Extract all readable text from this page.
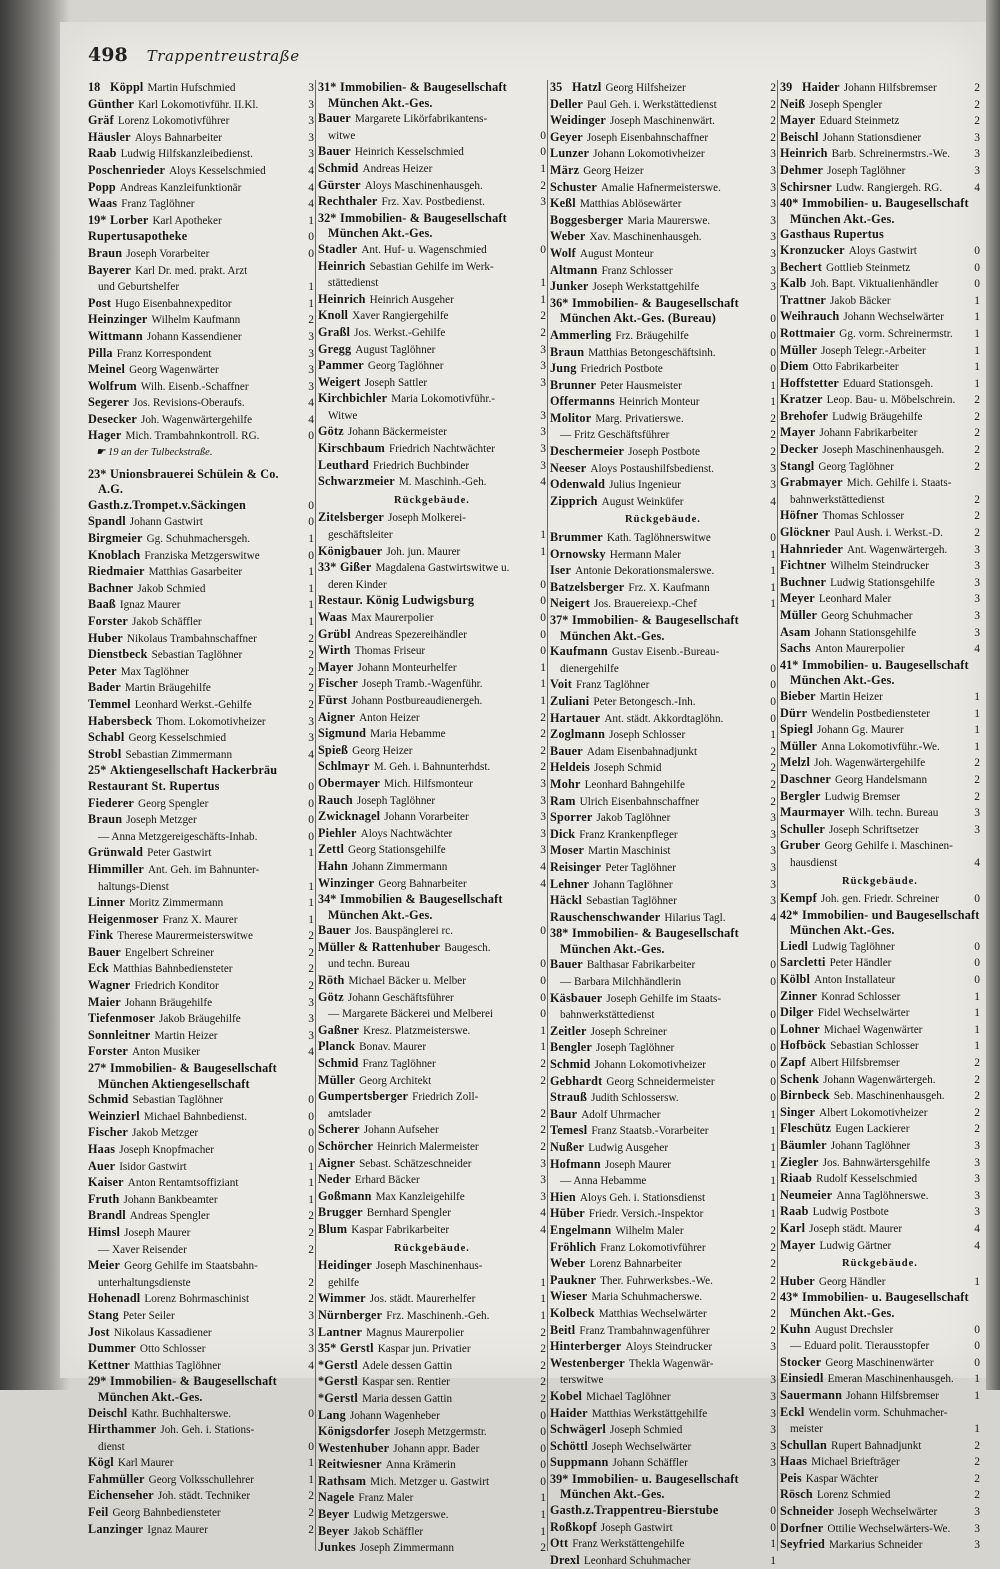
498 Trappentreustraße
18 Köppl Martin Hufschmied	3
Günther Karl Lokomotivführ. II.Kl.	3
Gräf Lorenz Lokomotivführer	3
Häusler Aloys Bahnarbeiter	3
Raab Ludwig Hilfskanzleibedienst.	3
Poschenrieder Aloys Kesselschmied	4
Popp Andreas Kanzleifunktionär	4
Waas Franz Taglöhner	4
19* Lorber Karl Apotheker	1
Rupertusapotheke	0
Braun Joseph Vorarbeiter	0
Bayerer Karl Dr. med. prakt. Arzt
und Geburtshelfer	1
Post Hugo Eisenbahnexpeditor	1
Heinzinger Wilhelm Kaufmann	2
Wittmann Johann Kassendiener	3
Pilla Franz Korrespondent	3
Meinel Georg Wagenwärter	3
Wolfrum Wilh. Eisenb.-Schaffner	3
Segerer Jos. Revisions-Oberaufs.	4
Desecker Joh. Wagenwärtergehilfe	4
Hager Mich. Trambahnkontroll. RG.	0
☛ 19 an der Tulbeckstraße.
23* Unionsbrauerei Schülein & Co.
A.G.
Gasth.z.Trompet.v.Säckingen	0
Spandl Johann Gastwirt	0
Birgmeier Gg. Schuhmachersgeh.	1
Knoblach Franziska Metzgerswitwe	0
Riedmaier Matthias Gasarbeiter	1
Bachner Jakob Schmied	1
Baaß Ignaz Maurer	1
Forster Jakob Schäffler	1
Huber Nikolaus Trambahnschaffner	2
Dienstbeck Sebastian Taglöhner	2
Peter Max Taglöhner	2
Bader Martin Bräugehilfe	2
Temmel Leonhard Werkst.-Gehilfe	2
Habersbeck Thom. Lokomotivheizer	3
Schabl Georg Kesselschmied	3
Strobl Sebastian Zimmermann	4
25* Aktiengesellschaft Hackerbräu
Restaurant St. Rupertus	0
Fiederer Georg Spengler	0
Braun Joseph Metzger	0
— Anna Metzgereigeschäfts-Inhab.	0
Grünwald Peter Gastwirt	1
Himmiller Ant. Geh. im Bahnunter-
haltungs-Dienst	1
Linner Moritz Zimmermann	1
Heigenmoser Franz X. Maurer	1
Fink Therese Maurermeisterswitwe	2
Bauer Engelbert Schreiner	2
Eck Matthias Bahnbediensteter	2
Wagner Friedrich Konditor	2
Maier Johann Bräugehilfe	3
Tiefenmoser Jakob Bräugehilfe	3
Sonnleitner Martin Heizer	3
Forster Anton Musiker	4
27* Immobilien- & Baugesellschaft
München Aktiengesellschaft
Schmid Sebastian Taglöhner	0
Weinzierl Michael Bahnbedienst.	0
Fischer Jakob Metzger	0
Haas Joseph Knopfmacher	0
Auer Isidor Gastwirt	1
Kaiser Anton Rentamtsoffiziant	1
Fruth Johann Bankbeamter	1
Brandl Andreas Spengler	2
Himsl Joseph Maurer	2
— Xaver Reisender	2
Meier Georg Gehilfe im Staatsbahn-
unterhaltungsdienste	2
Hohenadl Lorenz Bohrmaschinist	2
Stang Peter Seiler	3
Jost Nikolaus Kassadiener	3
Dummer Otto Schlosser	3
Kettner Matthias Taglöhner	4
29* Immobilien- & Baugesellschaft
München Akt.-Ges.
Deischl Kathr. Buchhalterswe.	0
Hirthammer Joh. Geh. i. Stations-
dienst	0
Kögl Karl Maurer	1
Fahmüller Georg Volksschullehrer	1
Eichenseher Joh. städt. Techniker	2
Feil Georg Bahnbediensteter	2
Lanzinger Ignaz Maurer	2
31* Immobilien- & Baugesellschaft
München Akt.-Ges.
Bauer Margarete Likörfabrikantens-
witwe	0
Bauer Heinrich Kesselschmied	0
Schmid Andreas Heizer	1
Gürster Aloys Maschinenhausgeh.	2
Rechthaler Frz. Xav. Postbedienst.	3
32* Immobilien- & Baugesellschaft
München Akt.-Ges.
Stadler Ant. Huf- u. Wagenschmied	0
Heinrich Sebastian Gehilfe im Werk-
stättedienst	1
Heinrich Heinrich Ausgeher	1
Knoll Xaver Rangiergehilfe	2
Graßl Jos. Werkst.-Gehilfe	2
Gregg August Taglöhner	3
Pammer Georg Taglöhner	3
Weigert Joseph Sattler	3
Kirchbichler Maria Lokomotivführ.-
Witwe	3
Götz Johann Bäckermeister	3
Kirschbaum Friedrich Nachtwächter	3
Leuthard Friedrich Buchbinder	3
Schwarzmeier M. Maschinh.-Geh.	4
Rückgebäude.
Zitelsberger Joseph Molkerei-
geschäftsleiter	1
Königbauer Joh. jun. Maurer	1
33* Gißer Magdalena Gastwirtswitwe u.
deren Kinder	0
Restaur. König Ludwigsburg	0
Waas Max Maurerpolier	0
Grübl Andreas Spezereihändler	0
Wirth Thomas Friseur	0
Mayer Johann Monteurhelfer	1
Fischer Joseph Tramb.-Wagenführ.	1
Fürst Johann Postbureaudienergeh.	1
Aigner Anton Heizer	2
Sigmund Maria Hebamme	2
Spieß Georg Heizer	2
Schlmayr M. Geh. i. Bahnunterhdst.	2
Obermayer Mich. Hilfsmonteur	3
Rauch Joseph Taglöhner	3
Zwicknagel Johann Vorarbeiter	3
Piehler Aloys Nachtwächter	3
Zettl Georg Stationsgehilfe	3
Hahn Johann Zimmermann	4
Winzinger Georg Bahnarbeiter	4
34* Immobilien & Baugesellschaft
München Akt.-Ges.
Bauer Jos. Bauspänglerei rc.	0
Müller & Rattenhuber Baugesch.
und techn. Bureau	0
Röth Michael Bäcker u. Melber	0
Götz Johann Geschäftsführer	0
— Margarete Bäckerei und Melberei	0
Gaßner Kresz. Platzmeisterswe.	1
Planck Bonav. Maurer	1
Schmid Franz Taglöhner	2
Müller Georg Architekt	2
Gumpertsberger Friedrich Zoll-
amtslader	2
Scherer Johann Aufseher	2
Schörcher Heinrich Malermeister	2
Aigner Sebast. Schätzeschneider	3
Neder Erhard Bäcker	3
Goßmann Max Kanzleigehilfe	3
Brugger Bernhard Spengler	4
Blum Kaspar Fabrikarbeiter	4
Rückgebäude.
Heidinger Joseph Maschinenhaus-
gehilfe	1
Wimmer Jos. städt. Maurerhelfer	1
Nürnberger Frz. Maschinenh.-Geh.	1
Lantner Magnus Maurerpolier	2
35* Gerstl Kaspar jun. Privatier	2
*Gerstl Adele dessen Gattin	2
*Gerstl Kaspar sen. Rentier	2
*Gerstl Maria dessen Gattin	2
Lang Johann Wagenheber	0
Königsdorfer Joseph Metzgermstr.	0
Westenhuber Johann appr. Bader	0
Reitwiesner Anna Krämerin	0
Rathsam Mich. Metzger u. Gastwirt	0
Nagele Franz Maler	1
Beyer Ludwig Metzgerswe.	1
Beyer Jakob Schäffler	1
Junkes Joseph Zimmermann	2
35 Hatzl Georg Hilfsheizer	2
Deller Paul Geh. i. Werkstättedienst	2
Weidinger Joseph Maschinenwärt.	2
Geyer Joseph Eisenbahnschaffner	2
Lunzer Johann Lokomotivheizer	3
März Georg Heizer	3
Schuster Amalie Hafnermeisterswe.	3
Keßl Matthias Ablösewärter	3
Boggesberger Maria Maurerswe.	3
Weber Xav. Maschinenhausgeh.	3
Wolf August Monteur	3
Altmann Franz Schlosser	3
Junker Joseph Werkstattgehilfe	3
36* Immobilien- & Baugesellschaft
München Akt.-Ges. (Bureau)	0
Ammerling Frz. Bräugehilfe	0
Braun Matthias Betongeschäftsinh.	0
Jung Friedrich Postbote	0
Brunner Peter Hausmeister	1
Offermanns Heinrich Monteur	1
Molitor Marg. Privatierswe.	2
— Fritz Geschäftsführer	2
Deschermeier Joseph Postbote	2
Neeser Aloys Postaushilfsbedienst.	3
Odenwald Julius Ingenieur	3
Zipprich August Weinküfer	4
Rückgebäude.
Brummer Kath. Taglöhnerswitwe	0
Ornowsky Hermann Maler	1
Iser Antonie Dekorationsmalerswe.	1
Batzelsberger Frz. X. Kaufmann	1
Neigert Jos. Brauereiexp.-Chef	1
37* Immobilien- & Baugesellschaft
München Akt.-Ges.
Kaufmann Gustav Eisenb.-Bureau-
dienergehilfe	0
Voit Franz Taglöhner	0
Zuliani Peter Betongesch.-Inh.	0
Hartauer Ant. städt. Akkordtaglöhn.	0
Zoglmann Joseph Schlosser	1
Bauer Adam Eisenbahnadjunkt	2
Heldeis Joseph Schmid	2
Mohr Leonhard Bahngehilfe	2
Ram Ulrich Eisenbahnschaffner	2
Sporrer Jakob Taglöhner	3
Dick Franz Krankenpfleger	3
Moser Martin Maschinist	3
Reisinger Peter Taglöhner	3
Lehner Johann Taglöhner	3
Häckl Sebastian Taglöhner	3
Rauschenschwander Hilarius Tagl.	4
38* Immobilien- & Baugesellschaft
München Akt.-Ges.
Bauer Balthasar Fabrikarbeiter	0
— Barbara Milchhändlerin	0
Käsbauer Joseph Gehilfe im Staats-
bahnwerkstättedienst	0
Zeitler Joseph Schreiner	0
Bengler Joseph Taglöhner	0
Schmid Johann Lokomotivheizer	0
Gebhardt Georg Schneidermeister	0
Strauß Judith Schlossersw.	0
Baur Adolf Uhrmacher	1
Temesl Franz Staatsb.-Vorarbeiter	1
Nußer Ludwig Ausgeher	1
Hofmann Joseph Maurer	1
— Anna Hebamme	1
Hien Aloys Geh. i. Stationsdienst	1
Hüber Friedr. Versich.-Inspektor	1
Engelmann Wilhelm Maler	2
Fröhlich Franz Lokomotivführer	2
Weber Lorenz Bahnarbeiter	2
Paukner Ther. Fuhrwerksbes.-We.	2
Wieser Maria Schuhmacherswe.	2
Kolbeck Matthias Wechselwärter	2
Beitl Franz Trambahnwagenführer	2
Hinterberger Aloys Steindrucker	3
Westenberger Thekla Wagenwär-
terswitwe	3
Kobel Michael Taglöhner	3
Haider Matthias Werkstättgehilfe	3
Schwägerl Joseph Schmied	3
Schöttl Joseph Wechselwärter	3
Suppmann Johann Schäffler	3
39* Immobilien- u. Baugesellschaft
München Akt.-Ges.
Gasth.z.Trappentreu-Bierstube	0
Roßkopf Joseph Gastwirt	0
Ott Franz Werkstättengehilfe	1
Drexl Leonhard Schuhmacher	1
39 Haider Johann Hilfsbremser	2
Neiß Joseph Spengler	2
Mayer Eduard Steinmetz	2
Beischl Johann Stationsdiener	3
Heinrich Barb. Schreinermstrs.-We.	3
Dehmer Joseph Taglöhner	3
Schirsner Ludw. Rangiergeh. RG.	4
40* Immobilien- u. Baugesellschaft
München Akt.-Ges.
Gasthaus Rupertus
Kronzucker Aloys Gastwirt	0
Bechert Gottlieb Steinmetz	0
Kalb Joh. Bapt. Viktualienhändler	0
Trattner Jakob Bäcker	1
Weihrauch Johann Wechselwärter	1
Rottmaier Gg. vorm. Schreinermstr.	1
Müller Joseph Telegr.-Arbeiter	1
Diem Otto Fabrikarbeiter	1
Hoffstetter Eduard Stationsgeh.	1
Kratzer Leop. Bau- u. Möbelschrein.	2
Brehofer Ludwig Bräugehilfe	2
Mayer Johann Fabrikarbeiter	2
Decker Joseph Maschinenhausgeh.	2
Stangl Georg Taglöhner	2
Grabmayer Mich. Gehilfe i. Staats-
bahnwerkstättedienst	2
Höfner Thomas Schlosser	2
Glöckner Paul Aush. i. Werkst.-D.	2
Hahnrieder Ant. Wagenwärtergeh.	3
Fichtner Wilhelm Steindrucker	3
Buchner Ludwig Stationsgehilfe	3
Meyer Leonhard Maler	3
Müller Georg Schuhmacher	3
Asam Johann Stationsgehilfe	3
Sachs Anton Maurerpolier	4
41* Immobilien- u. Baugesellschaft
München Akt.-Ges.
Bieber Martin Heizer	1
Dürr Wendelin Postbediensteter	1
Spiegl Johann Gg. Maurer	1
Müller Anna Lokomotivführ.-We.	1
Melzl Joh. Wagenwärtergehilfe	2
Daschner Georg Handelsmann	2
Bergler Ludwig Bremser	2
Maurmayer Wilh. techn. Bureau	3
Schuller Joseph Schriftsetzer	3
Gruber Georg Gehilfe i. Maschinen-
hausdienst	4
Rückgebäude.
Kempf Joh. gen. Friedr. Schreiner	0
42* Immobilien- und Baugesellschaft
München Akt.-Ges.
Liedl Ludwig Taglöhner	0
Sarcletti Peter Händler	0
Kölbl Anton Installateur	0
Zinner Konrad Schlosser	1
Dilger Fidel Wechselwärter	1
Lohner Michael Wagenwärter	1
Hofböck Sebastian Schlosser	1
Zapf Albert Hilfsbremser	2
Schenk Johann Wagenwärtergeh.	2
Birnbeck Seb. Maschinenhausgeh.	2
Singer Albert Lokomotivheizer	2
Fleschütz Eugen Lackierer	2
Bäumler Johann Taglöhner	3
Ziegler Jos. Bahnwärtersgehilfe	3
Riaab Rudolf Kesselschmied	3
Neumeier Anna Taglöhnerswe.	3
Raab Ludwig Postbote	3
Karl Joseph städt. Maurer	4
Mayer Ludwig Gärtner	4
Rückgebäude.
Huber Georg Händler	1
43* Immobilien- u. Baugesellschaft
München Akt.-Ges.
Kuhn August Drechsler	0
— Eduard polit. Tierausstopfer	0
Stocker Georg Maschinenwärter	0
Einsiedl Emeran Maschinenhausgeh.	1
Sauermann Johann Hilfsbremser	1
Eckl Wendelin vorm. Schuhmacher-
meister	1
Schullan Rupert Bahnadjunkt	2
Haas Michael Briefträger	2
Peis Kaspar Wächter	2
Rösch Lorenz Schmied	2
Schneider Joseph Wechselwärter	3
Dorfner Ottilie Wechselwärters-We.	3
Seyfried Markarius Schneider	3
